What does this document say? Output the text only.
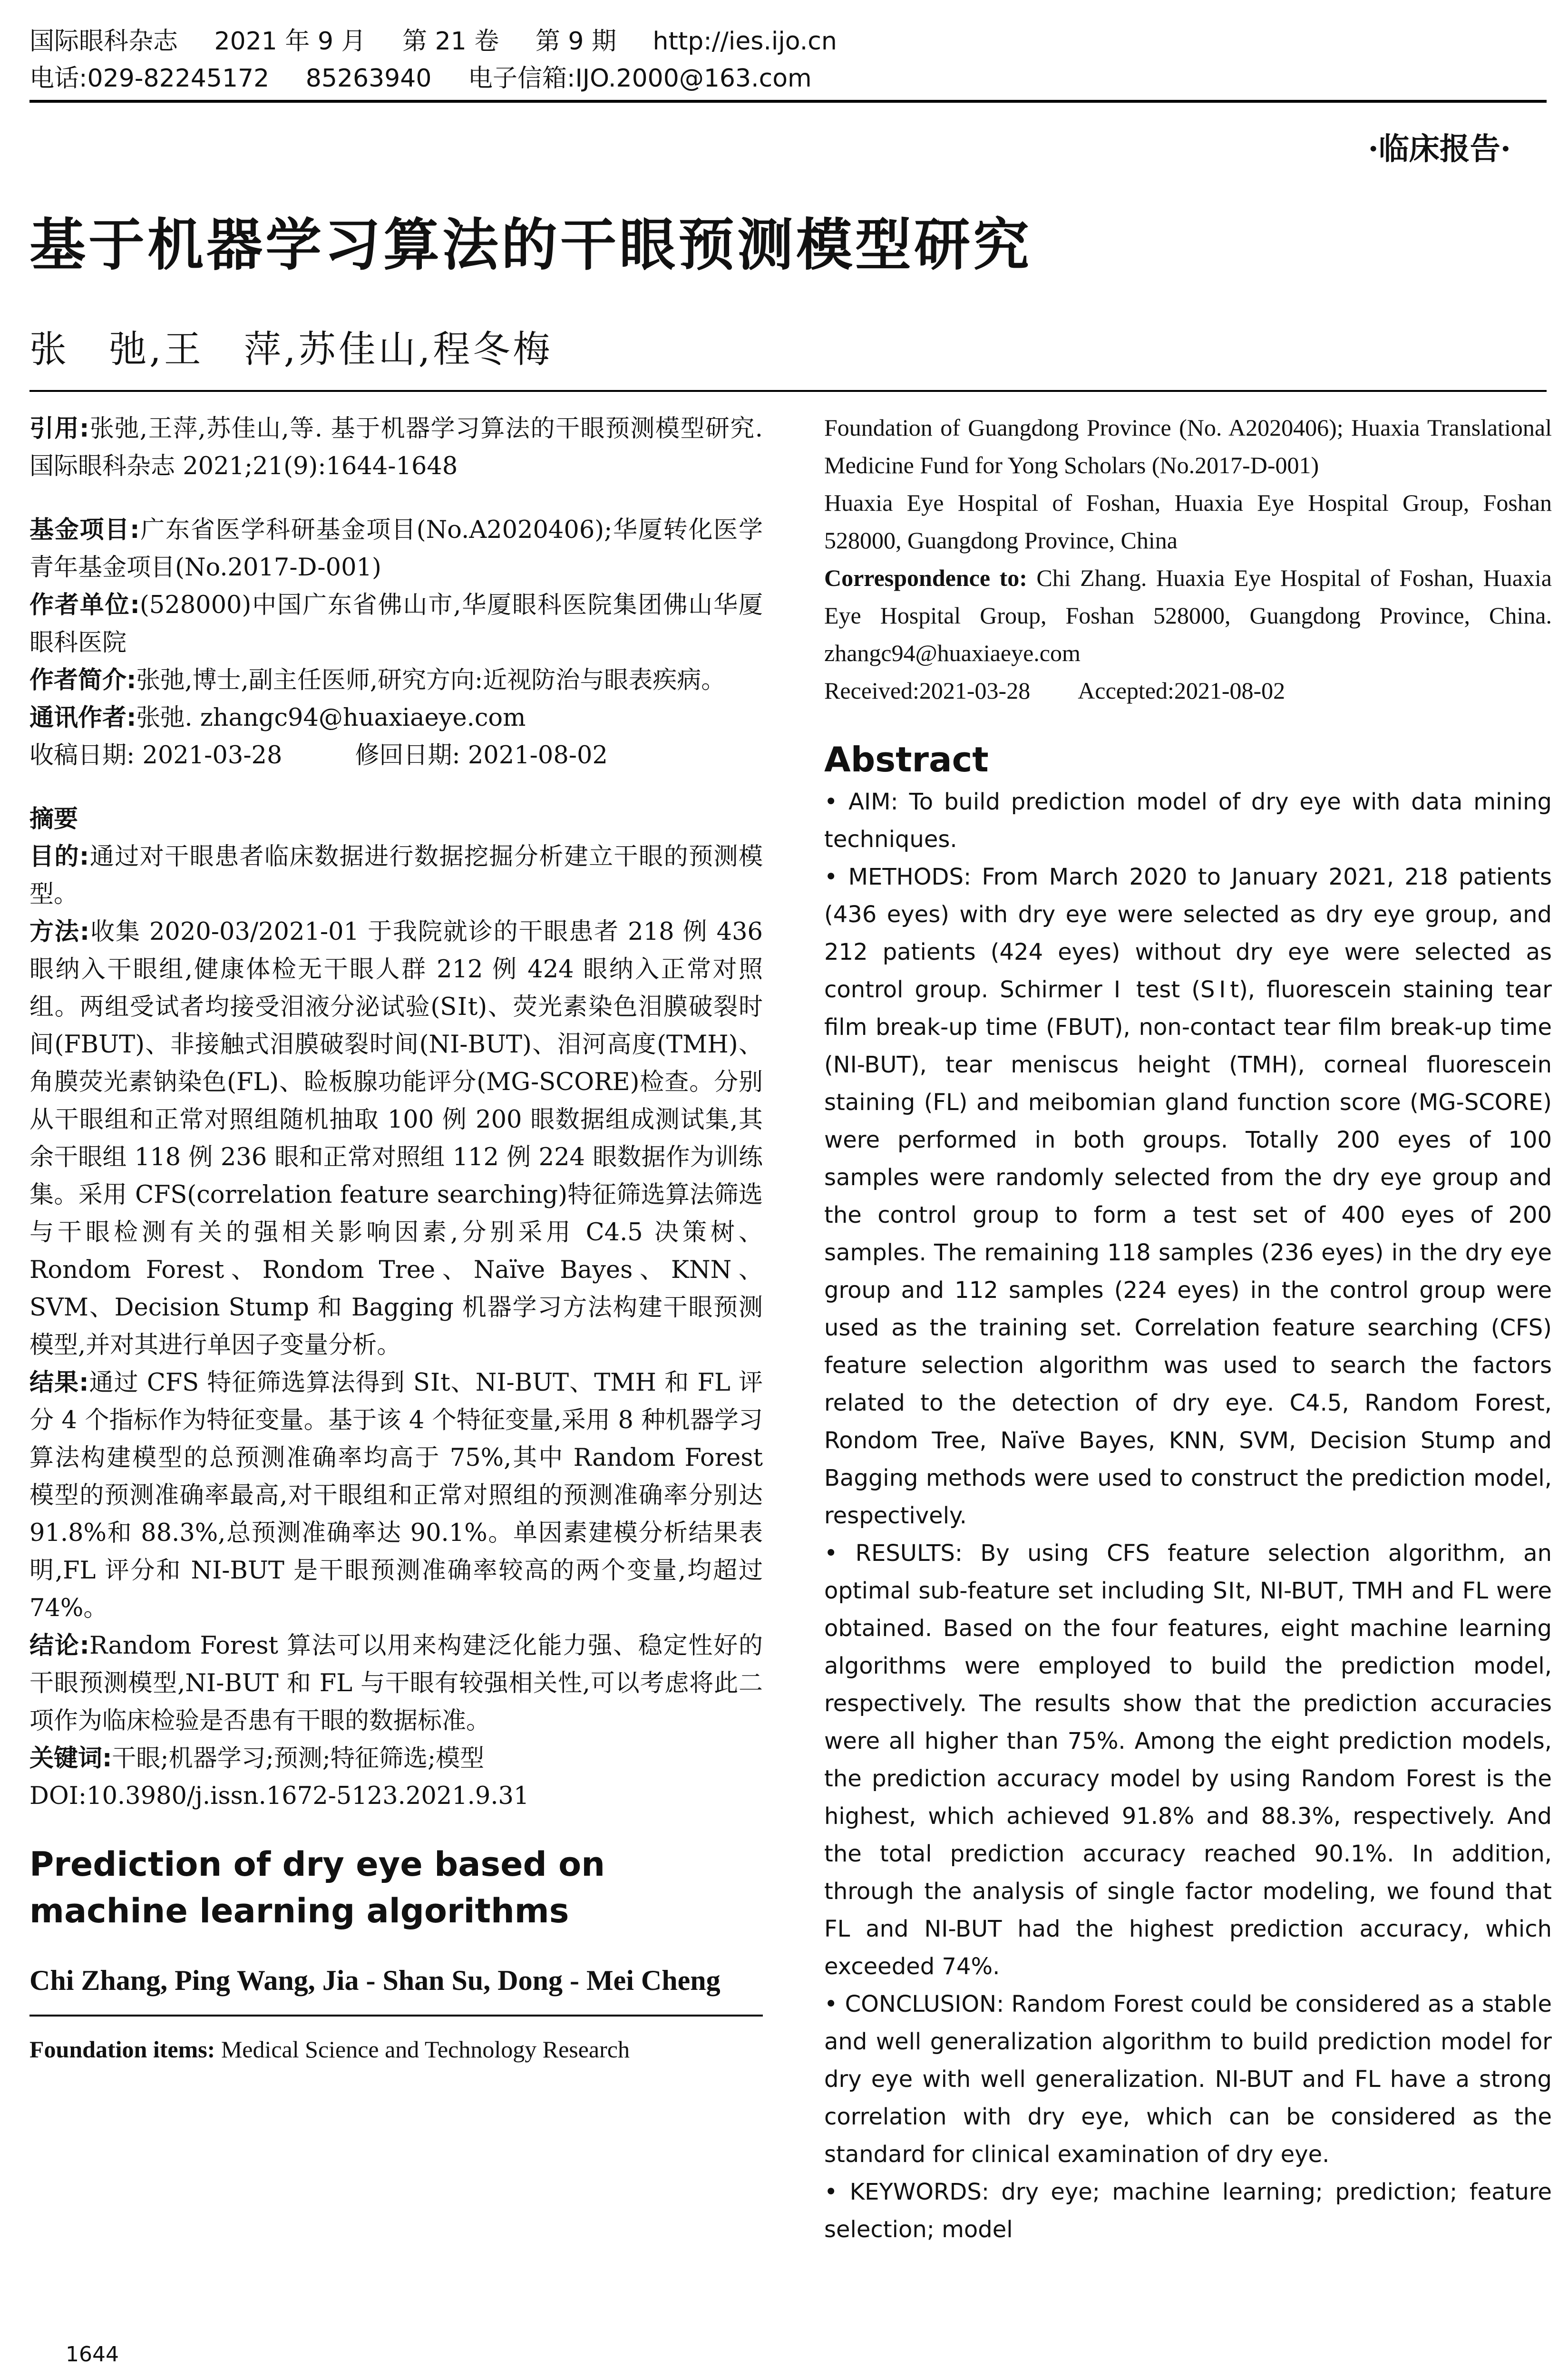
国际眼科杂志 2021 年 9 月 第 21 卷 第 9 期 http://ies.ijo.cn
电话:029-82245172 85263940 电子信箱:IJO.2000@163.com
·临床报告·
基于机器学习算法的干眼预测模型研究
张　弛,王　萍,苏佳山,程冬梅

引用:张弛,王萍,苏佳山,等. 基于机器学习算法的干眼预测模型研究. 国际眼科杂志 2021;21(9):1644-1648

基金项目:广东省医学科研基金项目(No.A2020406);华厦转化医学青年基金项目(No.2017-D-001)

作者单位:(528000)中国广东省佛山市,华厦眼科医院集团佛山华厦眼科医院

作者简介:张弛,博士,副主任医师,研究方向:近视防治与眼表疾病。

通讯作者:张弛. zhangc94@huaxiaeye.com

收稿日期: 2021-03-28　　　	修回日期: 2021-08-02

摘要

目的:通过对干眼患者临床数据进行数据挖掘分析建立干眼的预测模型。

方法:收集 2020-03/2021-01 于我院就诊的干眼患者 218 例 436 眼纳入干眼组,健康体检无干眼人群 212 例 424 眼纳入正常对照组。两组受试者均接受泪液分泌试验(SⅠt)、荧光素染色泪膜破裂时间(FBUT)、非接触式泪膜破裂时间(NI-BUT)、泪河高度(TMH)、角膜荧光素钠染色(FL)、睑板腺功能评分(MG-SCORE)检查。分别从干眼组和正常对照组随机抽取 100 例 200 眼数据组成测试集,其余干眼组 118 例 236 眼和正常对照组 112 例 224 眼数据作为训练集。采用 CFS(correlation feature searching)特征筛选算法筛选与干眼检测有关的强相关影响因素,分别采用 C4.5 决策树、Rondom Forest、Rondom Tree、Naïve Bayes、KNN、SVM、Decision Stump 和 Bagging 机器学习方法构建干眼预测模型,并对其进行单因子变量分析。

结果:通过 CFS 特征筛选算法得到 SⅠt、NI-BUT、TMH 和 FL 评分 4 个指标作为特征变量。基于该 4 个特征变量,采用 8 种机器学习算法构建模型的总预测准确率均高于 75%,其中 Random Forest 模型的预测准确率最高,对干眼组和正常对照组的预测准确率分别达 91.8%和 88.3%,总预测准确率达 90.1%。单因素建模分析结果表明,FL 评分和 NI-BUT 是干眼预测准确率较高的两个变量,均超过 74%。

结论:Random Forest 算法可以用来构建泛化能力强、稳定性好的干眼预测模型,NI-BUT 和 FL 与干眼有较强相关性,可以考虑将此二项作为临床检验是否患有干眼的数据标准。

关键词:干眼;机器学习;预测;特征筛选;模型

DOI:10.3980/j.issn.1672-5123.2021.9.31

Prediction of dry eye based on machine learning algorithms

Chi Zhang, Ping Wang, Jia - Shan Su, Dong - Mei Cheng

Foundation items: Medical Science and Technology Research

Foundation of Guangdong Province (No. A2020406); Huaxia Translational Medicine Fund for Yong Scholars (No.2017-D-001)

Huaxia Eye Hospital of Foshan, Huaxia Eye Hospital Group, Foshan 528000, Guangdong Province, China

Correspondence to: Chi Zhang. Huaxia Eye Hospital of Foshan, Huaxia Eye Hospital Group, Foshan 528000, Guangdong Province, China. zhangc94@huaxiaeye.com

Received:2021-03-28　　 Accepted:2021-08-02

Abstract

• AIM: To build prediction model of dry eye with data mining techniques.

• METHODS: From March 2020 to January 2021, 218 patients (436 eyes) with dry eye were selected as dry eye group, and 212 patients (424 eyes) without dry eye were selected as control group. Schirmer Ⅰ test (SⅠt), fluorescein staining tear film break-up time (FBUT), non-contact tear film break-up time (NI-BUT), tear meniscus height (TMH), corneal fluorescein staining (FL) and meibomian gland function score (MG-SCORE) were performed in both groups. Totally 200 eyes of 100 samples were randomly selected from the dry eye group and the control group to form a test set of 400 eyes of 200 samples. The remaining 118 samples (236 eyes) in the dry eye group and 112 samples (224 eyes) in the control group were used as the training set. Correlation feature searching (CFS) feature selection algorithm was used to search the factors related to the detection of dry eye. C4.5, Random Forest, Rondom Tree, Naïve Bayes, KNN, SVM, Decision Stump and Bagging methods were used to construct the prediction model, respectively.

• RESULTS: By using CFS feature selection algorithm, an optimal sub-feature set including SⅠt, NI-BUT, TMH and FL were obtained. Based on the four features, eight machine learning algorithms were employed to build the prediction model, respectively. The results show that the prediction accuracies were all higher than 75%. Among the eight prediction models, the prediction accuracy model by using Random Forest is the highest, which achieved 91.8% and 88.3%, respectively. And the total prediction accuracy reached 90.1%. In addition, through the analysis of single factor modeling, we found that FL and NI-BUT had the highest prediction accuracy, which exceeded 74%.

• CONCLUSION: Random Forest could be considered as a stable and well generalization algorithm to build prediction model for dry eye with well generalization. NI-BUT and FL have a strong correlation with dry eye, which can be considered as the standard for clinical examination of dry eye.

• KEYWORDS: dry eye; machine learning; prediction; feature selection; model

1644
